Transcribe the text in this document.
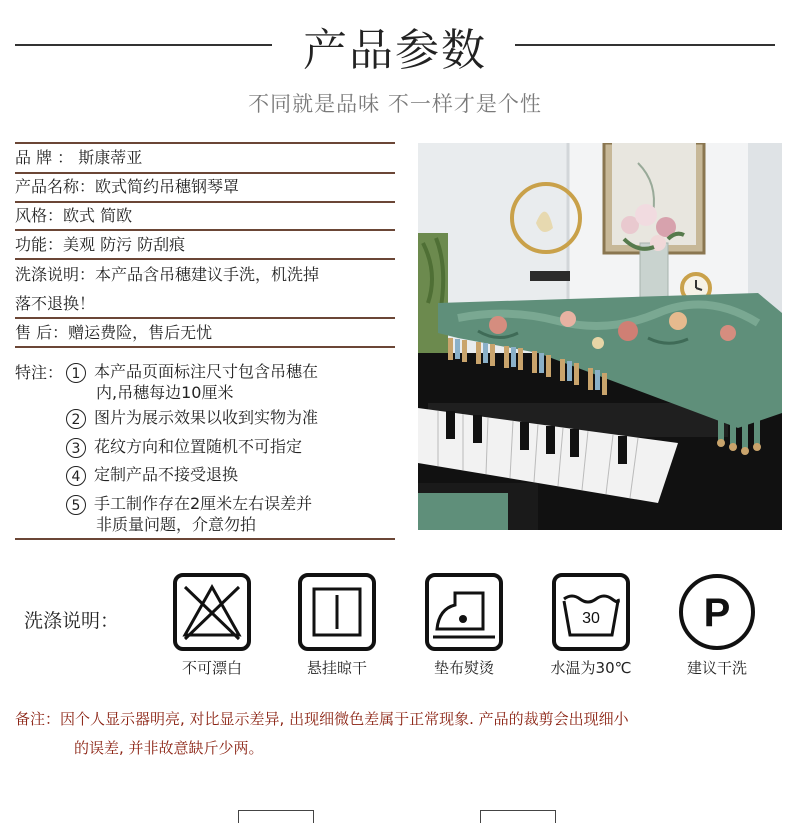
产品参数
不同就是品味 不一样才是个性
品 牌 ： 斯康蒂亚
产品名称：欧式简约吊穗钢琴罩
风格：欧式 简欧
功能：美观 防污 防刮痕
洗涤说明：本产品含吊穗建议手洗，机洗掉
落不退换！
售 后：赠运费险，售后无忧
特注： 1 本产品页面标注尺寸包含吊穗在
内,吊穗每边10厘米
2 图片为展示效果以收到实物为准
3 花纹方向和位置随机不可指定
4 定制产品不接受退换
5 手工制作存在2厘米左右误差并
非质量问题，介意勿拍
洗涤说明：
不可漂白	悬挂晾干	垫布熨烫
30
水温为30℃
P
建议干洗
备注：因个人显示器明亮, 对比显示差异, 出现细微色差属于正常现象. 产品的裁剪会出现细小
的误差, 并非故意缺斤少两。
